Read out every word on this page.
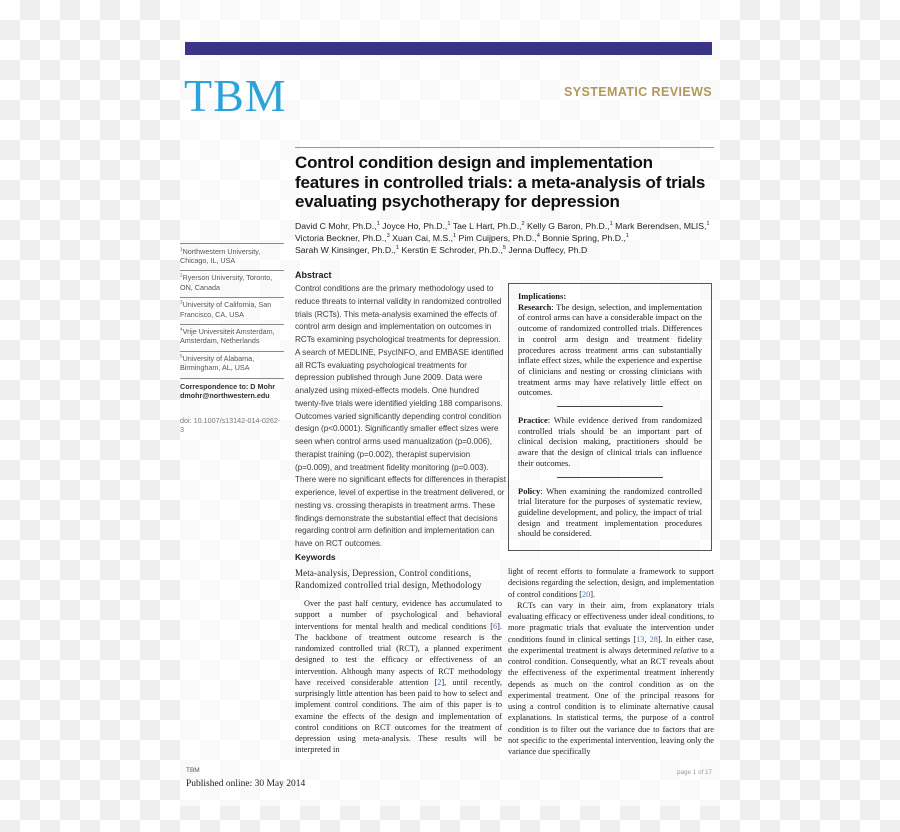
TBM	SYSTEMATIC REVIEWS
Control condition design and implementation features in controlled trials: a meta-analysis of trials evaluating psychotherapy for depression

David C Mohr, Ph.D.,$^1$ Joyce Ho, Ph.D.,$^1$ Tae L Hart, Ph.D.,$^2$ Kelly G Baron, Ph.D.,$^1$ Mark Berendsen, MLIS,$^1$

Victoria Beckner, Ph.D.,$^3$ Xuan Cai, M.S.,$^1$ Pim Cuijpers, Ph.D.,$^4$ Bonnie Spring, Ph.D.,$^1$

Sarah W Kinsinger, Ph.D.,$^1$ Kerstin E Schroder, Ph.D.,$^5$ Jenna Duffecy, Ph.D

$^1$Northwestern University, Chicago, IL, USA
$^2$Ryerson University, Toronto, ON, Canada
$^3$University of California, San Francisco, CA, USA
$^4$Vrije Universiteit Amsterdam, Amsterdam, Netherlands
$^5$University of Alabama, Birmingham, AL, USA
Correspondence to: D Mohr
dmohr@northwestern.edu
doi: 10.1007/s13142-014-0262-3
Abstract

Control conditions are the primary methodology used to reduce threats to internal validity in randomized controlled trials (RCTs). This meta-analysis examined the effects of control arm design and implementation on outcomes in RCTs examining psychological treatments for depression. A search of MEDLINE, PsycINFO, and EMBASE identified all RCTs evaluating psychological treatments for depression published through June 2009. Data were analyzed using mixed-effects models. One hundred twenty-five trials were identified yielding 188 comparisons. Outcomes varied significantly depending control condition design (p<0.0001). Significantly smaller effect sizes were seen when control arms used manualization (p=0.006), therapist training (p=0.002), therapist supervision (p=0.009), and treatment fidelity monitoring (p=0.003). There were no significant effects for differences in therapist experience, level of expertise in the treatment delivered, or nesting vs. crossing therapists in treatment arms. These findings demonstrate the substantial effect that decisions regarding control arm definition and implementation can have on RCT outcomes.

Implications:

Research: The design, selection, and implementation of control arms can have a considerable impact on the outcome of randomized controlled trials. Differences in control arm design and treatment fidelity procedures across treatment arms can substantially inflate effect sizes, while the experience and expertise of clinicians and nesting or crossing clinicians with treatment arms may have relatively little effect on outcomes.

Practice: While evidence derived from randomized controlled trials should be an important part of clinical decision making, practitioners should be aware that the design of clinical trials can influence their outcomes.

Policy: When examining the randomized controlled trial literature for the purposes of systematic review, guideline development, and policy, the impact of trial design and treatment implementation procedures should be considered.

Keywords

Meta-analysis, Depression, Control conditions, Randomized controlled trial design, Methodology

Over the past half century, evidence has accumulated to support a number of psychological and behavioral interventions for mental health and medical conditions [6]. The backbone of treatment outcome research is the randomized controlled trial (RCT), a planned experiment designed to test the efficacy or effectiveness of an intervention. Although many aspects of RCT methodology have received considerable attention [2], until recently, surprisingly little attention has been paid to how to select and implement control conditions. The aim of this paper is to examine the effects of the design and implementation of control conditions on RCT outcomes for the treatment of depression using meta-analysis. These results will be interpreted in

light of recent efforts to formulate a framework to support decisions regarding the selection, design, and implementation of control conditions [20].

RCTs can vary in their aim, from explanatory trials evaluating efficacy or effectiveness under ideal conditions, to more pragmatic trials that evaluate the intervention under conditions found in clinical settings [13, 28]. In either case, the experimental treatment is always determined relative to a control condition. Consequently, what an RCT reveals about the effectiveness of the experimental treatment inherently depends as much on the control condition as on the experimental treatment. One of the principal reasons for using a control condition is to eliminate alternative causal explanations. In statistical terms, the purpose of a control condition is to filter out the variance due to factors that are not specific to the experimental intervention, leaving only the variance due specifically

TBM	page 1 of 17
Published online: 30 May 2014
